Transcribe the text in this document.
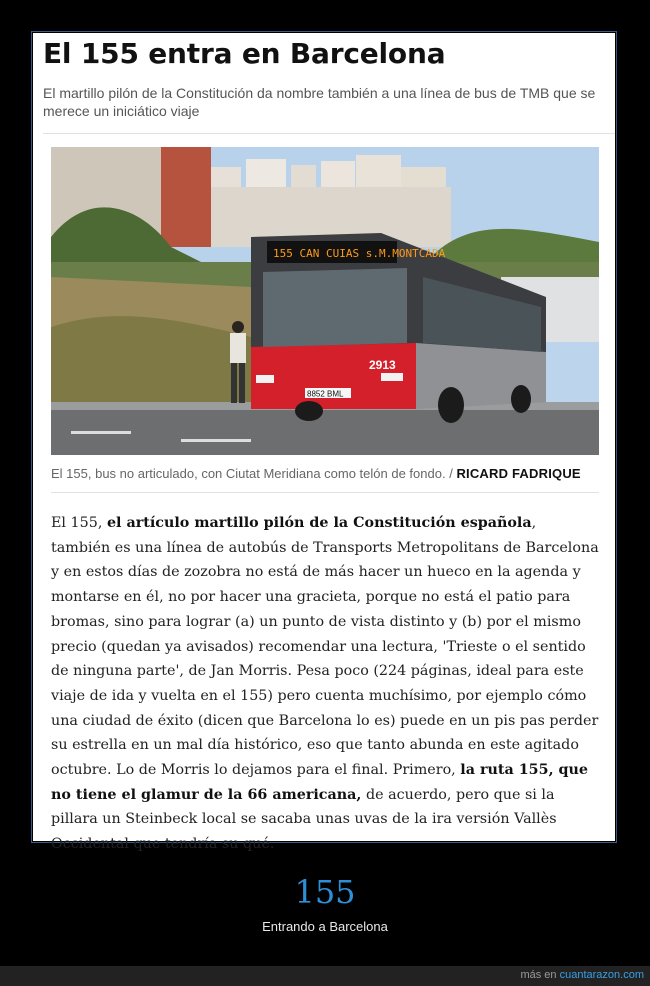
El 155 entra en Barcelona

El martillo pilón de la Constitución da nombre también a una línea de bus de TMB que se merece un iniciático viaje

155 CAN CUIAS s.M.MONTCADA
2913
8852 BML

El 155, bus no articulado, con Ciutat Meridiana como telón de fondo. / RICARD FADRIQUE

El 155, el artículo martillo pilón de la Constitución española, también es una línea de autobús de Transports Metropolitans de Barcelona y en estos días de zozobra no está de más hacer un hueco en la agenda y montarse en él, no por hacer una gracieta, porque no está el patio para bromas, sino para lograr (a) un punto de vista distinto y (b) por el mismo precio (quedan ya avisados) recomendar una lectura, 'Trieste o el sentido de ninguna parte', de Jan Morris. Pesa poco (224 páginas, ideal para este viaje de ida y vuelta en el 155) pero cuenta muchísimo, por ejemplo cómo una ciudad de éxito (dicen que Barcelona lo es) puede en un pis pas perder su estrella en un mal día histórico, eso que tanto abunda en este agitado octubre. Lo de Morris lo dejamos para el final. Primero, la ruta 155, que no tiene el glamur de la 66 americana, de acuerdo, pero que si la pillara un Steinbeck local se sacaba unas uvas de la ira versión Vallès Occidental que tendría su qué.

155
Entrando a Barcelona
más en cuantarazon.com
